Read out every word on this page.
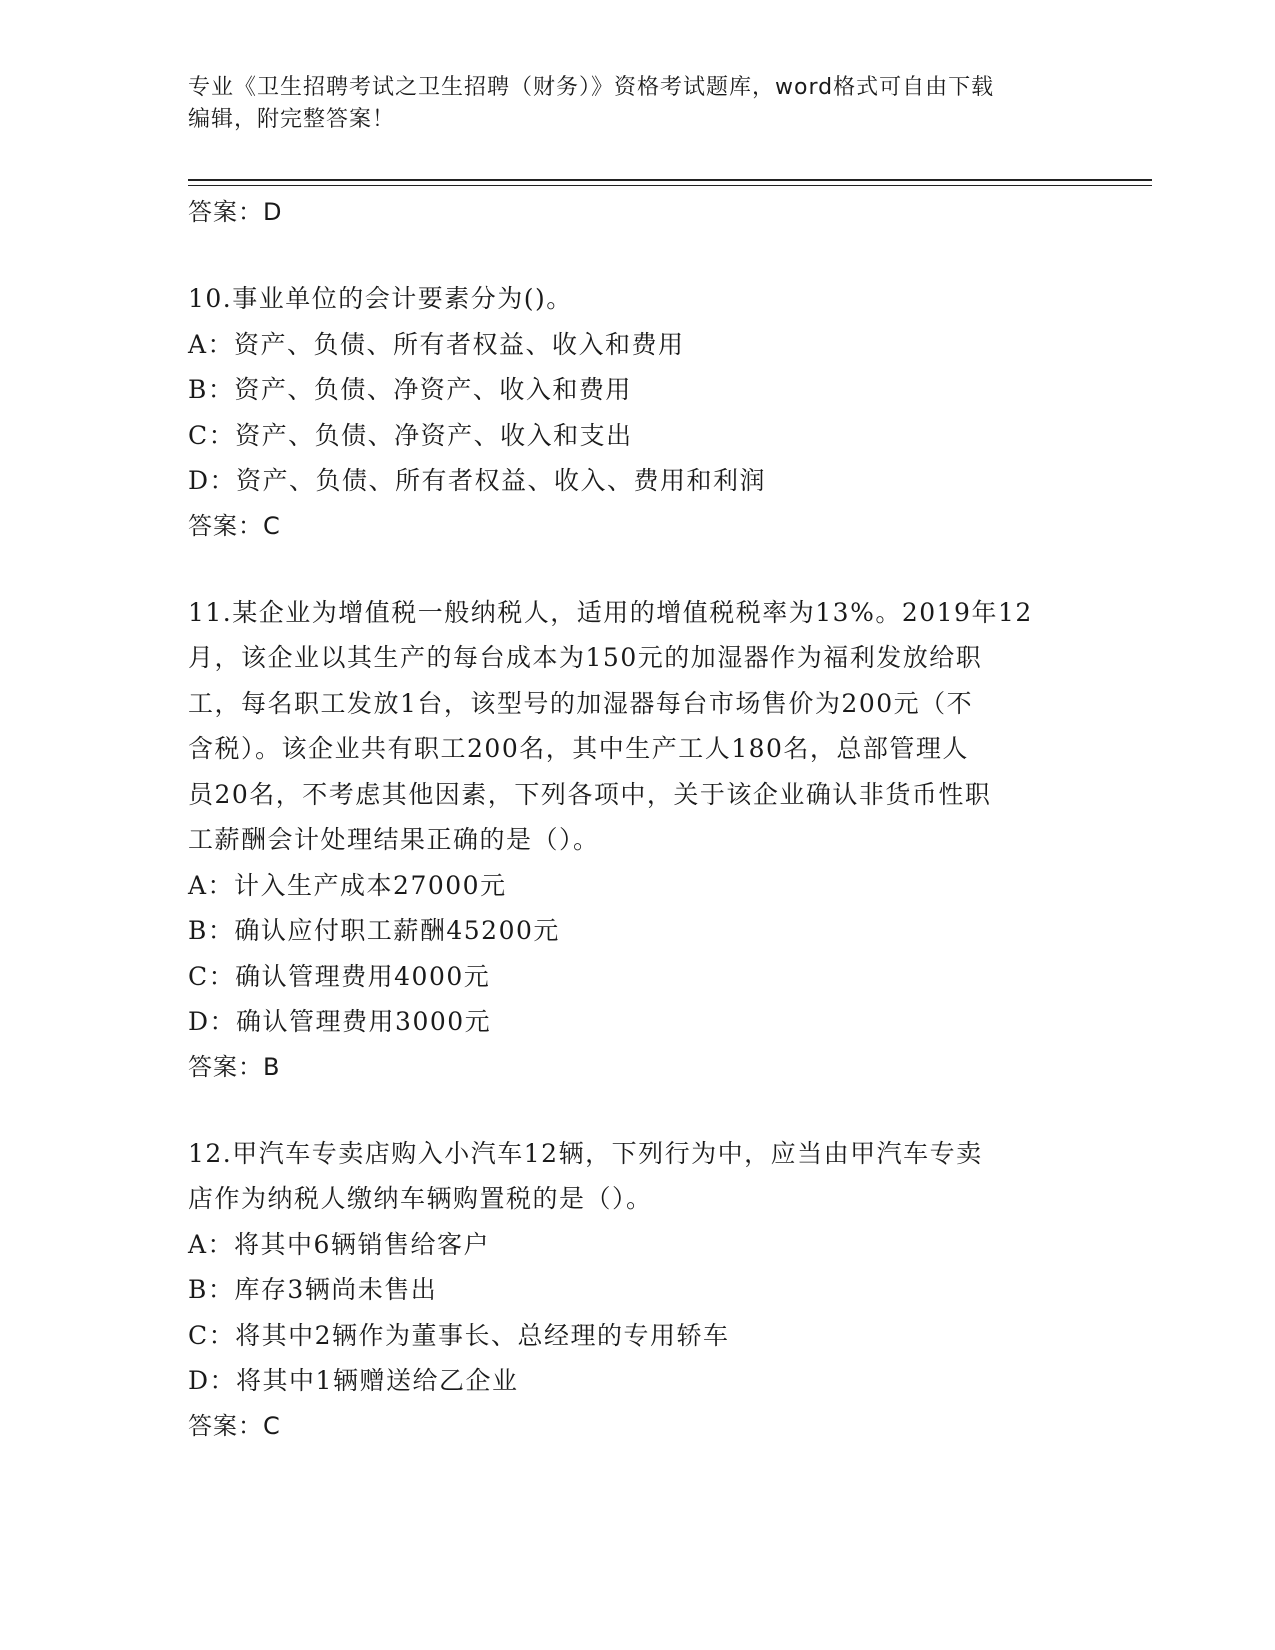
专业《卫生招聘考试之卫生招聘（财务）》资格考试题库，word格式可自由下载
编辑，附完整答案！
答案：D
10.事业单位的会计要素分为()。
A：资产、负债、所有者权益、收入和费用
B：资产、负债、净资产、收入和费用
C：资产、负债、净资产、收入和支出
D：资产、负债、所有者权益、收入、费用和利润
答案：C
11.某企业为增值税一般纳税人，适用的增值税税率为13%。2019年12
月，该企业以其生产的每台成本为150元的加湿器作为福利发放给职
工，每名职工发放1台，该型号的加湿器每台市场售价为200元（不
含税）。该企业共有职工200名，其中生产工人180名，总部管理人
员20名，不考虑其他因素，下列各项中，关于该企业确认非货币性职
工薪酬会计处理结果正确的是（）。
A：计入生产成本27000元
B：确认应付职工薪酬45200元
C：确认管理费用4000元
D：确认管理费用3000元
答案：B
12.甲汽车专卖店购入小汽车12辆，下列行为中，应当由甲汽车专卖
店作为纳税人缴纳车辆购置税的是（）。
A：将其中6辆销售给客户
B：库存3辆尚未售出
C：将其中2辆作为董事长、总经理的专用轿车
D：将其中1辆赠送给乙企业
答案：C
